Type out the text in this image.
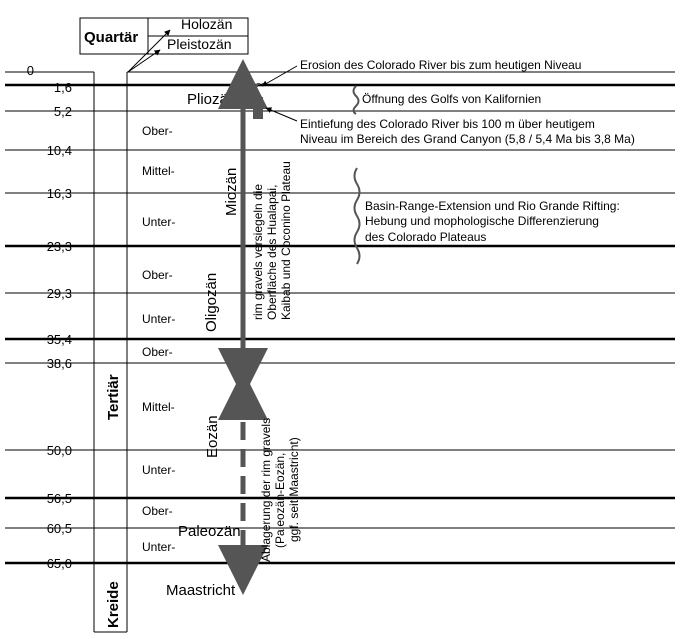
Quartär
Holozän
Pleistozän
Tertiär
Kreide
0
1,6
5,2
10,4
16,3
23,3
29,3
35,4
38,6
50,0
56,5
60,5
65,0
Ober-
Mittel-
Unter-
Ober-
Unter-
Ober-
Mittel-
Unter-
Ober-
Unter-
Pliozän
Miozän
Oligozän
Eozän
Paleozän
Maastricht
rim gravels versiegeln die Oberfläche des Hualapai, Kaibab und Coconino Plateau
Ablagerung der rim gravels (Paleozän-Eozän, ggf. seit Maastricht)
Erosion des Colorado River bis zum heutigen Niveau
Öffnung des Golfs von Kalifornien
Eintiefung des Colorado River bis 100 m über heutigem
Niveau im Bereich des Grand Canyon (5,8 / 5,4 Ma bis 3,8 Ma)
Basin-Range-Extension und Rio Grande Rifting:
Hebung und mophologische Differenzierung
des Colorado Plateaus
